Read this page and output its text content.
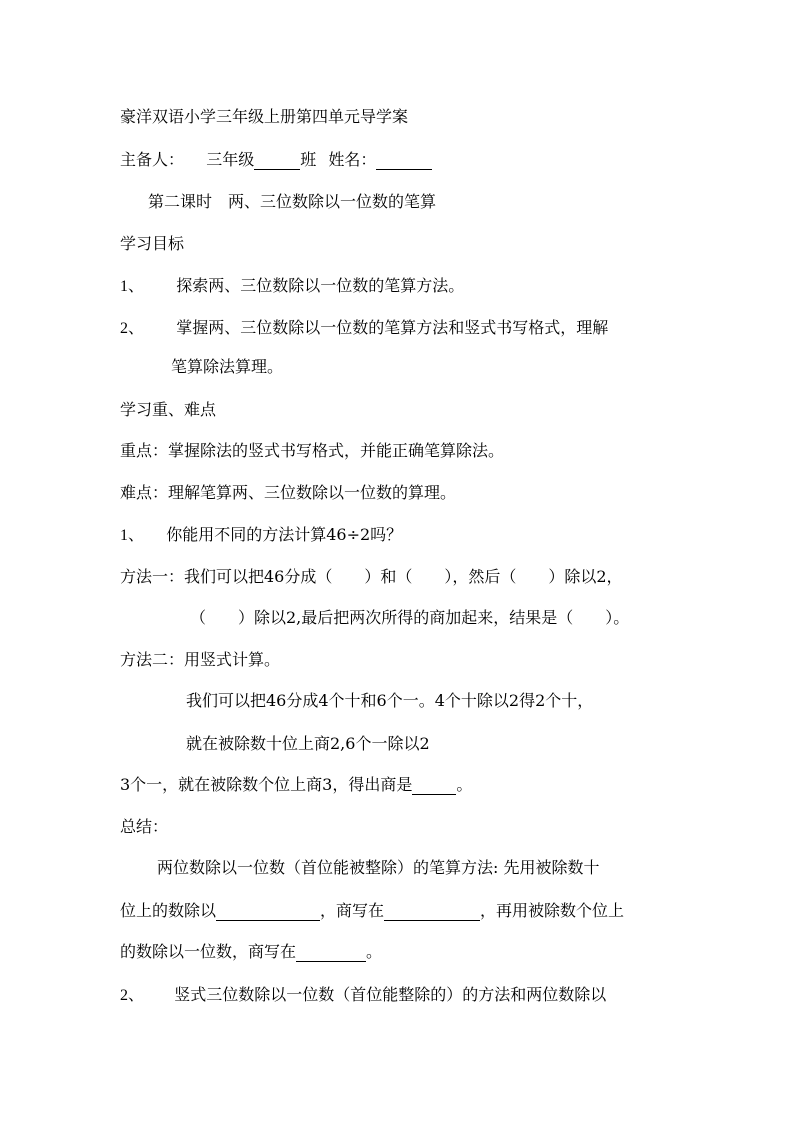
豪洋双语小学三年级上册第四单元导学案
主备人： 三年级	班 姓名：
第二课时　两、三位数除以一位数的笔算
学习目标
1、 探索两、三位数除以一位数的笔算方法。
2、 掌握两、三位数除以一位数的笔算方法和竖式书写格式，理解
笔算除法算理。
学习重、难点
重点：掌握除法的竖式书写格式，并能正确笔算除法。
难点：理解笔算两、三位数除以一位数的算理。
1、 你能用不同的方法计算46÷2吗？
方法一：我们可以把46分成（　　）和（　　），然后（　　）除以2，
（　　）除以2,最后把两次所得的商加起来，结果是（　　）。
方法二：用竖式计算。
我们可以把46分成4个十和6个一。4个十除以2得2个十，
就在被除数十位上商2,6个一除以2
3个一，就在被除数个位上商3，得出商是	。
总结：
两位数除以一位数（首位能被整除）的笔算方法: 先用被除数十
位上的数除以	，商写在	，再用被除数个位上
的数除以一位数，商写在	。
2、 竖式三位数除以一位数（首位能整除的）的方法和两位数除以
